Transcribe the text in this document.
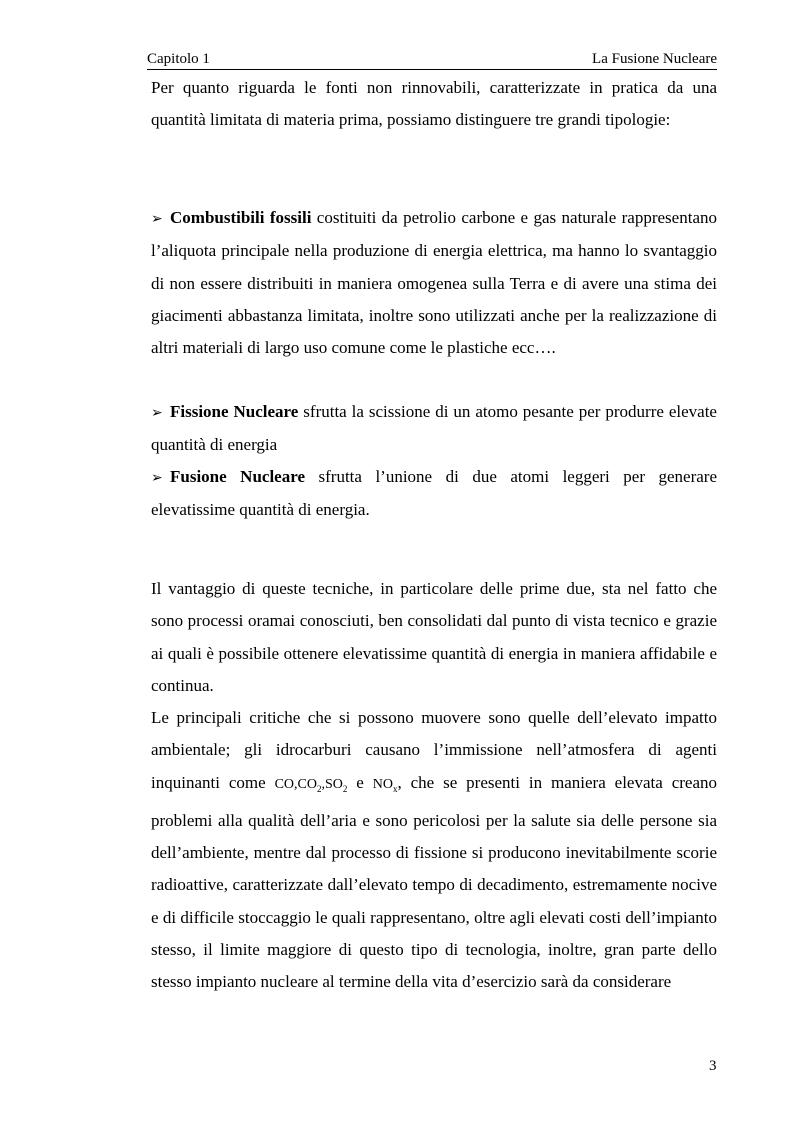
Capitolo 1	La Fusione Nucleare

Per quanto riguarda le fonti non rinnovabili, caratterizzate in pratica da una quantità limitata di materia prima, possiamo distinguere tre grandi tipologie:

➢ Combustibili fossili costituiti da petrolio carbone e gas naturale rappresentano l’aliquota principale nella produzione di energia elettrica, ma hanno lo svantaggio di non essere distribuiti in maniera omogenea sulla Terra e di avere una stima dei giacimenti abbastanza limitata, inoltre sono utilizzati anche per la realizzazione di altri materiali di largo uso comune come le plastiche ecc….

➢ Fissione Nucleare sfrutta la scissione di un atomo pesante per produrre elevate quantità di energia

➢ Fusione Nucleare sfrutta l’unione di due atomi leggeri per generare elevatissime quantità di energia.

Il vantaggio di queste tecniche, in particolare delle prime due, sta nel fatto che sono processi oramai conosciuti, ben consolidati dal punto di vista tecnico e grazie ai quali è possibile ottenere elevatissime quantità di energia in maniera affidabile e continua.

Le principali critiche che si possono muovere sono quelle dell’elevato impatto ambientale; gli idrocarburi causano l’immissione nell’atmosfera di agenti inquinanti come $CO,CO_2,SO_2$ e $NO_x$, che se presenti in maniera elevata creano problemi alla qualità dell’aria e sono pericolosi per la salute sia delle persone sia dell’ambiente, mentre dal processo di fissione si producono inevitabilmente scorie radioattive, caratterizzate dall’elevato tempo di decadimento, estremamente nocive e di difficile stoccaggio le quali rappresentano, oltre agli elevati costi dell’impianto stesso, il limite maggiore di questo tipo di tecnologia, inoltre, gran parte dello stesso impianto nucleare al termine della vita d’esercizio sarà da considerare

3
